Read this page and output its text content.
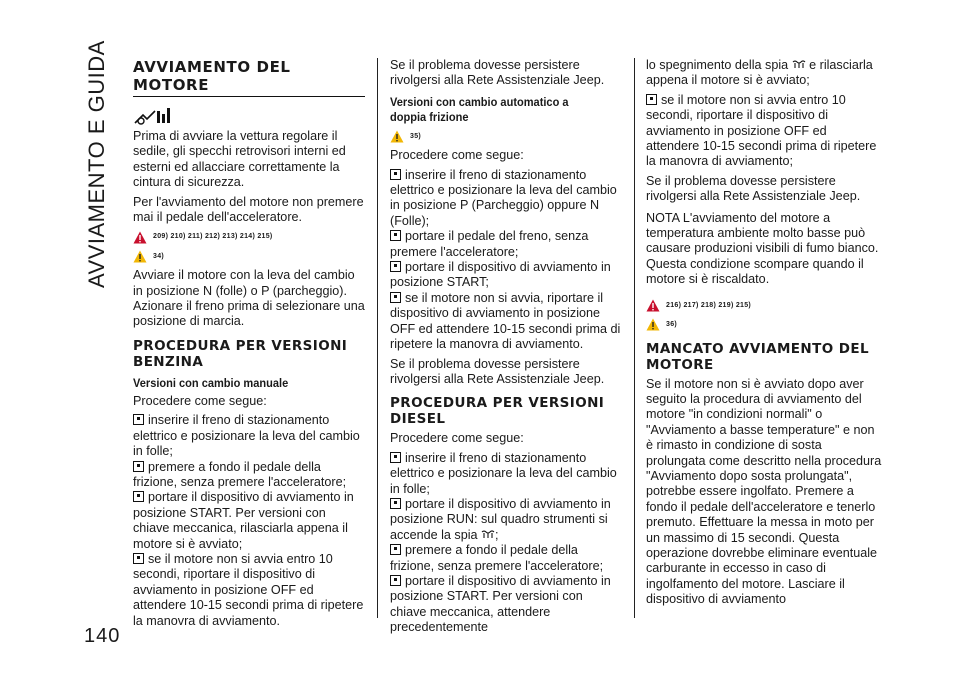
AVVIAMENTO E GUIDA
140
AVVIAMENTO DEL MOTORE

Prima di avviare la vettura regolare il sedile, gli specchi retrovisori interni ed esterni ed allacciare correttamente la cintura di sicurezza.

Per l'avviamento del motore non premere mai il pedale dell'acceleratore.

209) 210) 211) 212) 213) 214) 215)
34)

Avviare il motore con la leva del cambio in posizione N (folle) o P (parcheggio). Azionare il freno prima di selezionare una posizione di marcia.

PROCEDURA PER VERSIONI BENZINA
Versioni con cambio manuale

Procedere come segue:

inserire il freno di stazionamento elettrico e posizionare la leva del cambio in folle;

premere a fondo il pedale della frizione, senza premere l'acceleratore;

portare il dispositivo di avviamento in posizione START. Per versioni con chiave meccanica, rilasciarla appena il motore si è avviato;

se il motore non si avvia entro 10 secondi, riportare il dispositivo di avviamento in posizione OFF ed attendere 10-15 secondi prima di ripetere la manovra di avviamento.

Se il problema dovesse persistere rivolgersi alla Rete Assistenziale Jeep.

Versioni con cambio automatico a doppia frizione
35)

Procedere come segue:

inserire il freno di stazionamento elettrico e posizionare la leva del cambio in posizione P (Parcheggio) oppure N (Folle);

portare il pedale del freno, senza premere l'acceleratore;

portare il dispositivo di avviamento in posizione START;

se il motore non si avvia, riportare il dispositivo di avviamento in posizione OFF ed attendere 10-15 secondi prima di ripetere la manovra di avviamento.

Se il problema dovesse persistere rivolgersi alla Rete Assistenziale Jeep.

PROCEDURA PER VERSIONI DIESEL

Procedere come segue:

inserire il freno di stazionamento elettrico e posizionare la leva del cambio in folle;

portare il dispositivo di avviamento in posizione RUN: sul quadro strumenti si accende la spia ;

premere a fondo il pedale della frizione, senza premere l'acceleratore;

portare il dispositivo di avviamento in posizione START. Per versioni con chiave meccanica, attendere precedentemente

lo spegnimento della spia e rilasciarla appena il motore si è avviato;

se il motore non si avvia entro 10 secondi, riportare il dispositivo di avviamento in posizione OFF ed attendere 10-15 secondi prima di ripetere la manovra di avviamento;

Se il problema dovesse persistere rivolgersi alla Rete Assistenziale Jeep.

NOTA L'avviamento del motore a temperatura ambiente molto basse può causare produzioni visibili di fumo bianco. Questa condizione scompare quando il motore si è riscaldato.

216) 217) 218) 219) 215)
36)
MANCATO AVVIAMENTO DEL MOTORE

Se il motore non si è avviato dopo aver seguito la procedura di avviamento del motore "in condizioni normali" o "Avviamento a basse temperature" e non è rimasto in condizione di sosta prolungata come descritto nella procedura "Avviamento dopo sosta prolungata", potrebbe essere ingolfato. Premere a fondo il pedale dell'acceleratore e tenerlo premuto. Effettuare la messa in moto per un massimo di 15 secondi. Questa operazione dovrebbe eliminare eventuale carburante in eccesso in caso di ingolfamento del motore. Lasciare il dispositivo di avviamento
